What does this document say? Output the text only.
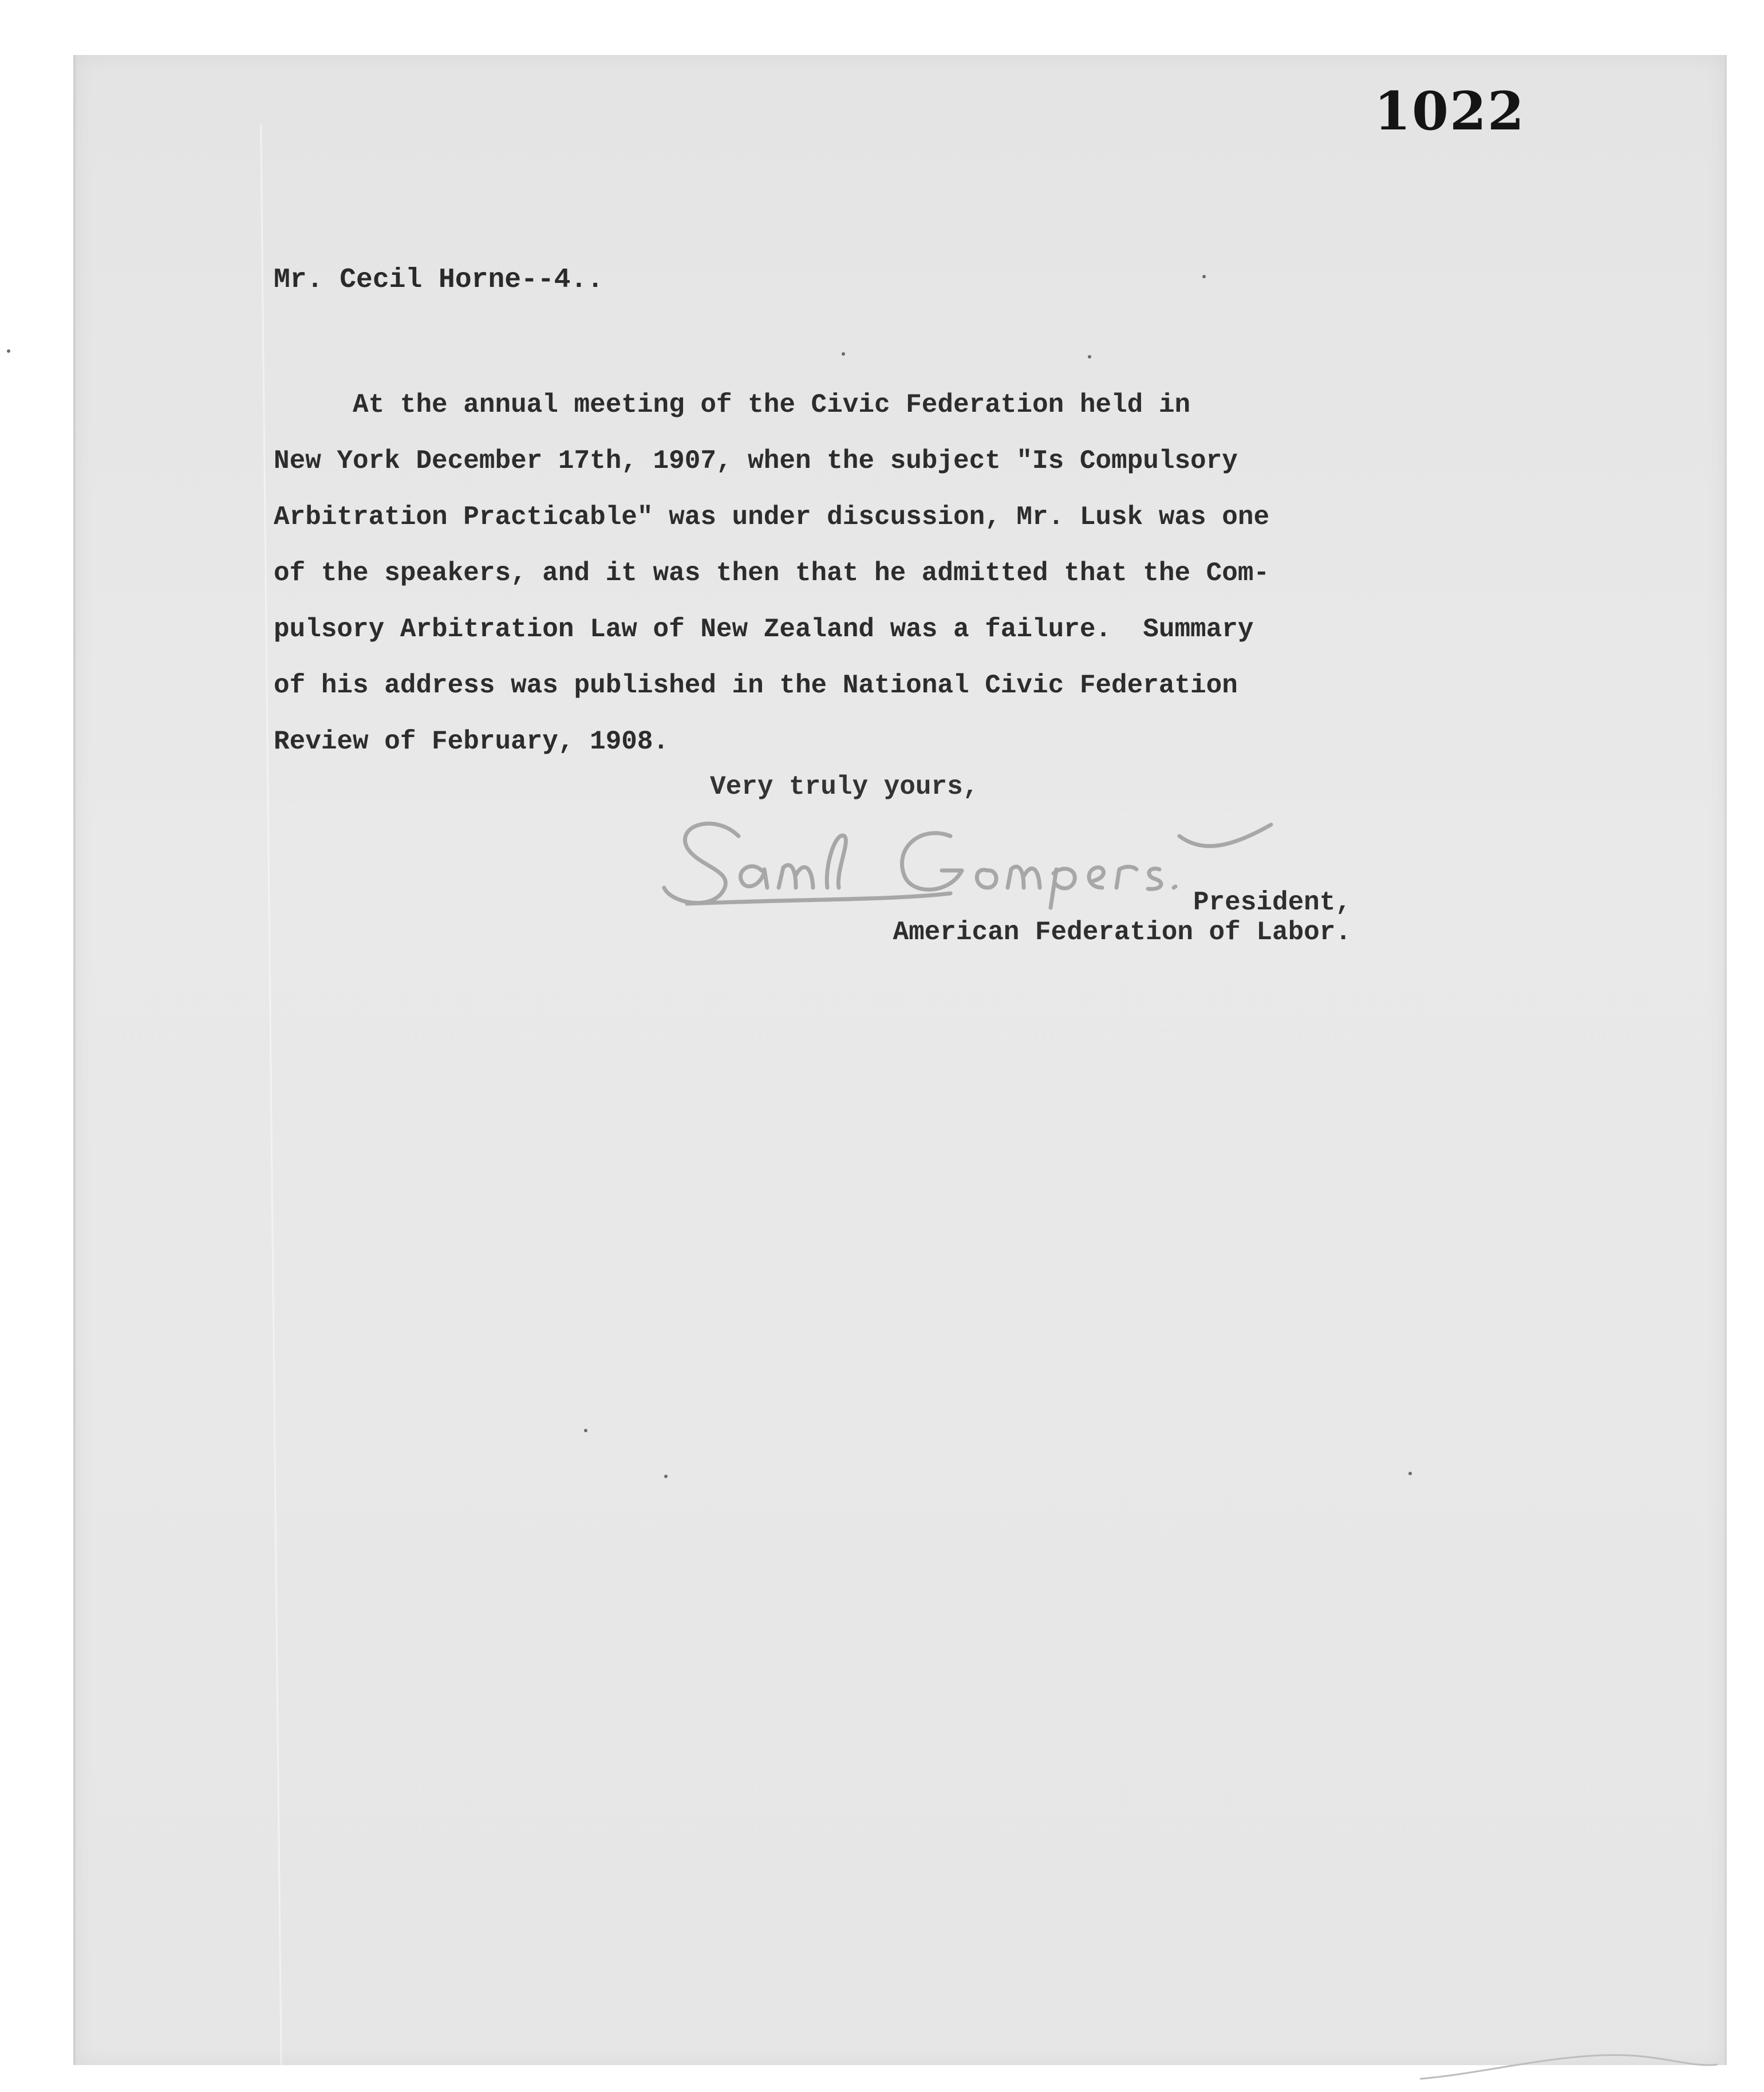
1022
Mr. Cecil Horne--4..
At the annual meeting of the Civic Federation held in
New York December 17th, 1907, when the subject "Is Compulsory
Arbitration Practicable" was under discussion, Mr. Lusk was one
of the speakers, and it was then that he admitted that the Com-
pulsory Arbitration Law of New Zealand was a failure.  Summary
of his address was published in the National Civic Federation
Review of February, 1908.
Very truly yours,
President,
American Federation of Labor.
